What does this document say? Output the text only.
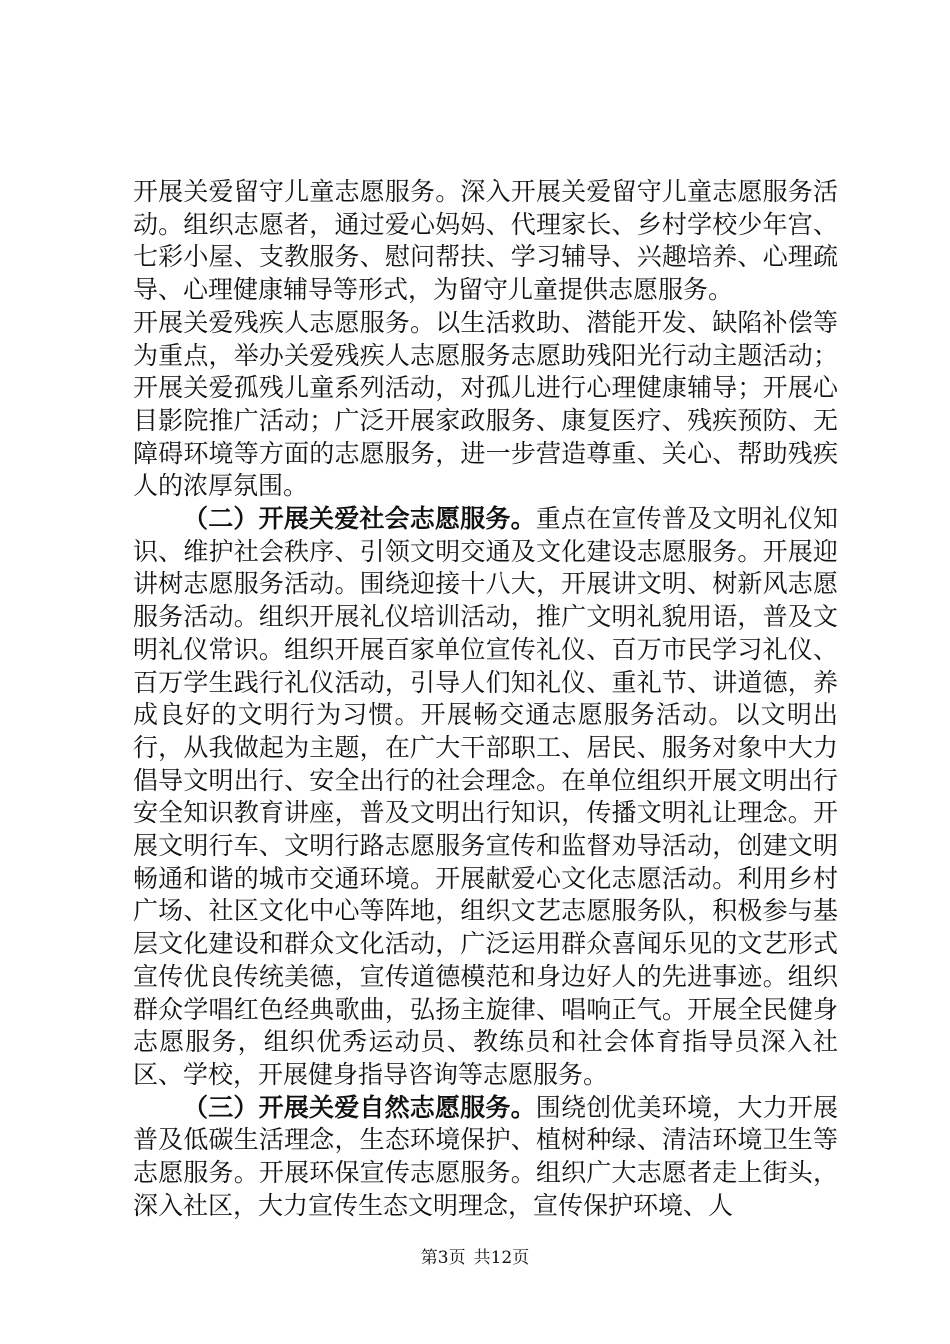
开展关爱留守儿童志愿服务。深入开展关爱留守儿童志愿服务活动。组织志愿者，通过爱心妈妈、代理家长、乡村学校少年宫、七彩小屋、支教服务、慰问帮扶、学习辅导、兴趣培养、心理疏导、心理健康辅导等形式，为留守儿童提供志愿服务。

开展关爱残疾人志愿服务。以生活救助、潜能开发、缺陷补偿等为重点，举办关爱残疾人志愿服务志愿助残阳光行动主题活动；开展关爱孤残儿童系列活动，对孤儿进行心理健康辅导；开展心目影院推广活动；广泛开展家政服务、康复医疗、残疾预防、无障碍环境等方面的志愿服务，进一步营造尊重、关心、帮助残疾人的浓厚氛围。

（二）开展关爱社会志愿服务。重点在宣传普及文明礼仪知识、维护社会秩序、引领文明交通及文化建设志愿服务。开展迎讲树志愿服务活动。围绕迎接十八大，开展讲文明、树新风志愿服务活动。组织开展礼仪培训活动，推广文明礼貌用语，普及文明礼仪常识。组织开展百家单位宣传礼仪、百万市民学习礼仪、百万学生践行礼仪活动，引导人们知礼仪、重礼节、讲道德，养成良好的文明行为习惯。开展畅交通志愿服务活动。以文明出行，从我做起为主题，在广大干部职工、居民、服务对象中大力倡导文明出行、安全出行的社会理念。在单位组织开展文明出行安全知识教育讲座，普及文明出行知识，传播文明礼让理念。开展文明行车、文明行路志愿服务宣传和监督劝导活动，创建文明畅通和谐的城市交通环境。开展献爱心文化志愿活动。利用乡村广场、社区文化中心等阵地，组织文艺志愿服务队，积极参与基层文化建设和群众文化活动，广泛运用群众喜闻乐见的文艺形式宣传优良传统美德，宣传道德模范和身边好人的先进事迹。组织群众学唱红色经典歌曲，弘扬主旋律、唱响正气。开展全民健身志愿服务，组织优秀运动员、教练员和社会体育指导员深入社区、学校，开展健身指导咨询等志愿服务。

（三）开展关爱自然志愿服务。围绕创优美环境，大力开展普及低碳生活理念，生态环境保护、植树种绿、清洁环境卫生等志愿服务。开展环保宣传志愿服务。组织广大志愿者走上街头，深入社区，大力宣传生态文明理念，宣传保护环境、人

第3页 共12页
